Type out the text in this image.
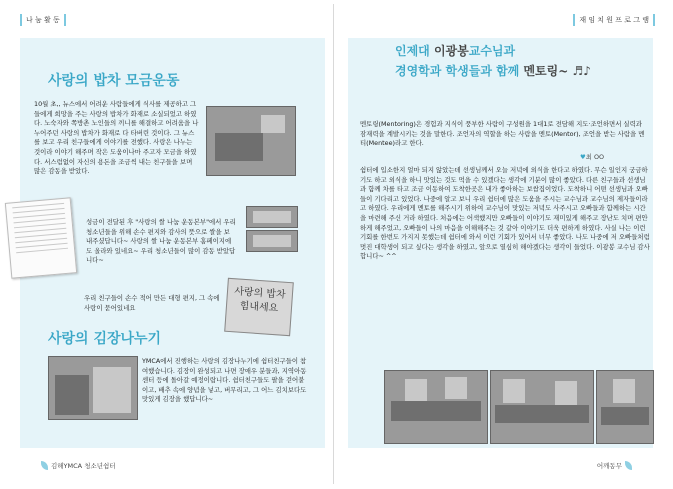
나 눔 활 동
사랑의 밥차 모금운동

10월 초,, 뉴스에서 어려운 사람들에게 식사를 제공하고 그들에게 희망을 주는 사랑의 밥차가 화재로 소실되었고 하였다. 노숙자와 쪽방촌 노인들의 끼니를 해결하고 어려움을 나누어주던 사랑의 밥차가 화재로 다 타버린 것이다. 그 뉴스를 보고 우리 친구들에게 이야기를 전했다. 사랑은 나누는 것이라 이야기 해주며 작은 도움이나마 주고자 모금을 하였다. 서스럼없이 자신의 용돈을 조금씩 내는 친구들을 보며 많은 감동을 받았다.

성금이 전달된 후 "사랑의 쌀 나눔 운동본부"에서 우리 청소년들을 위해 손수 편지와 감사의 뜻으로 쌀을 보내주셨답니다~ 사랑의 쌀 나눔 운동본부 홈페이지에도 올라와 있네요~ 우리 청소년들이 많이 감동 받았답니다~

사랑의 밥차 힘내세요

우리 친구들이 손수 적어 만든 대형 편지, 그 속에 사랑이 묻어있네요

사랑의 김장나누기

YMCA에서 진행하는 사랑의 김장나누기에 쉼터친구들이 참여했습니다. 김장이 완성되고 나면 장애우 분들과, 지역아동센터 등에 돌아갈 예정이랍니다. 쉼터친구들도 팔을 걷어붙이고, 배추 속에 양념을 넣고, 버무리고, 그 어느 김치보다도 맛있게 김장을 했답니다~

김해YMCA 청소년쉼터
재 임 치 원 프 로 그 램
인제대 이광봉교수님과
경영학과 학생들과 함께 멘토링~ ♬♪

멘토링(Mentoring)은 경험과 지식이 풍부한 사람이 구성원을 1대1로 전담해 지도·조언하면서 실력과 잠재력을 계발시키는 것을 말한다. 조언자의 역할을 하는 사람을 멘토(Mentor), 조언을 받는 사람을 멘티(Mentee)라고 한다.

♥최 OO

쉼터에 입소한지 얼마 되지 않았는데 선생님께서 오늘 저녁에 외식을 한다고 하였다. 무슨 일인지 궁금하기도 하고 외식을 하니 맛있는 것도 먹을 수 있겠다는 생각에 기분이 많이 좋았다. 다른 친구들과 선생님과 함께 차를 타고 조금 이동하여 도착한곳은 내가 좋아하는 보쌈집이었다. 도착하니 어떤 선생님과 오빠들이 기다리고 있었다. 나중에 알고 보니 우리 쉼터에 많은 도움을 주시는 교수님과 교수님의 제자들이라고 하였다. 우리에게 멘토를 해주시기 위하여 교수님이 맛있는 저녁도 사주시고 오빠들과 함께하는 시간을 마련해 주신 거라 하였다. 처음에는 어색했지만 오빠들이 이야기도 재미있게 해주고 장난도 치며 편안하게 해주었고, 오빠들이 나의 마음을 이해해주는 것 같아 이야기도 더욱 편하게 하였다. 사실 나는 이런 기회를 한번도 가지지 못했는데 쉼터에 와서 이런 기회가 있어서 너무 좋았다. 나도 나중에 저 오빠들처럼 멋진 대학생이 되고 싶다는 생각을 하였고, 앞으로 열심히 해야겠다는 생각이 들었다. 이광봉 교수님 감사합니다~ ^^

어깨동무
